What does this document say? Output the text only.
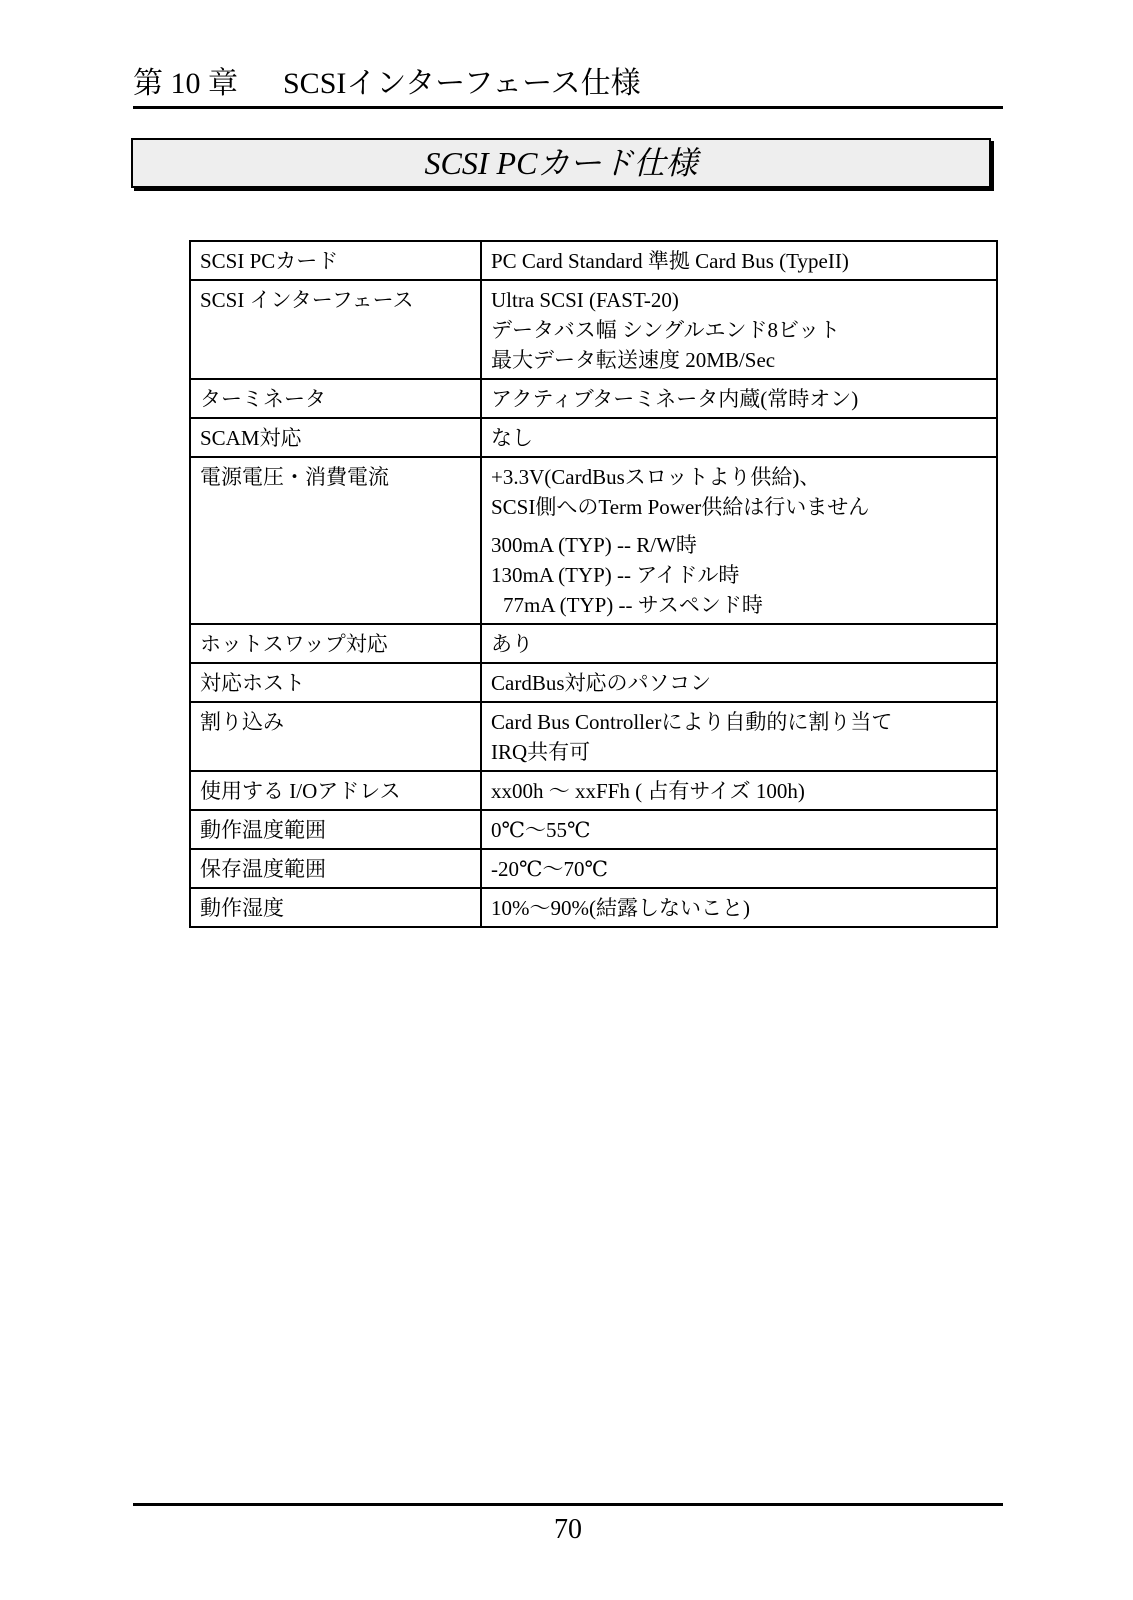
第 10 章 SCSIインターフェース仕様
SCSI PCカード仕様
SCSI PCカード	PC Card Standard 準拠 Card Bus (TypeII)

SCSI インターフェース	Ultra SCSI (FAST-20)
データバス幅 シングルエンド8ビット
最大データ転送速度 20MB/Sec

ターミネータ	アクティブターミネータ内蔵(常時オン)

SCAM対応	なし

電源電圧・消費電流	+3.3V(CardBusスロットより供給)、
SCSI側へのTerm Power供給は行いません
300mA (TYP) -- R/W時
130mA (TYP) -- アイドル時
77mA (TYP) -- サスペンド時

ホットスワップ対応	あり

対応ホスト	CardBus対応のパソコン

割り込み	Card Bus Controllerにより自動的に割り当て
IRQ共有可

使用する I/Oアドレス	xx00h ～ xxFFh ( 占有サイズ 100h)

動作温度範囲	0℃～55℃

保存温度範囲	-20℃～70℃

動作湿度	10%～90%(結露しないこと)
70
